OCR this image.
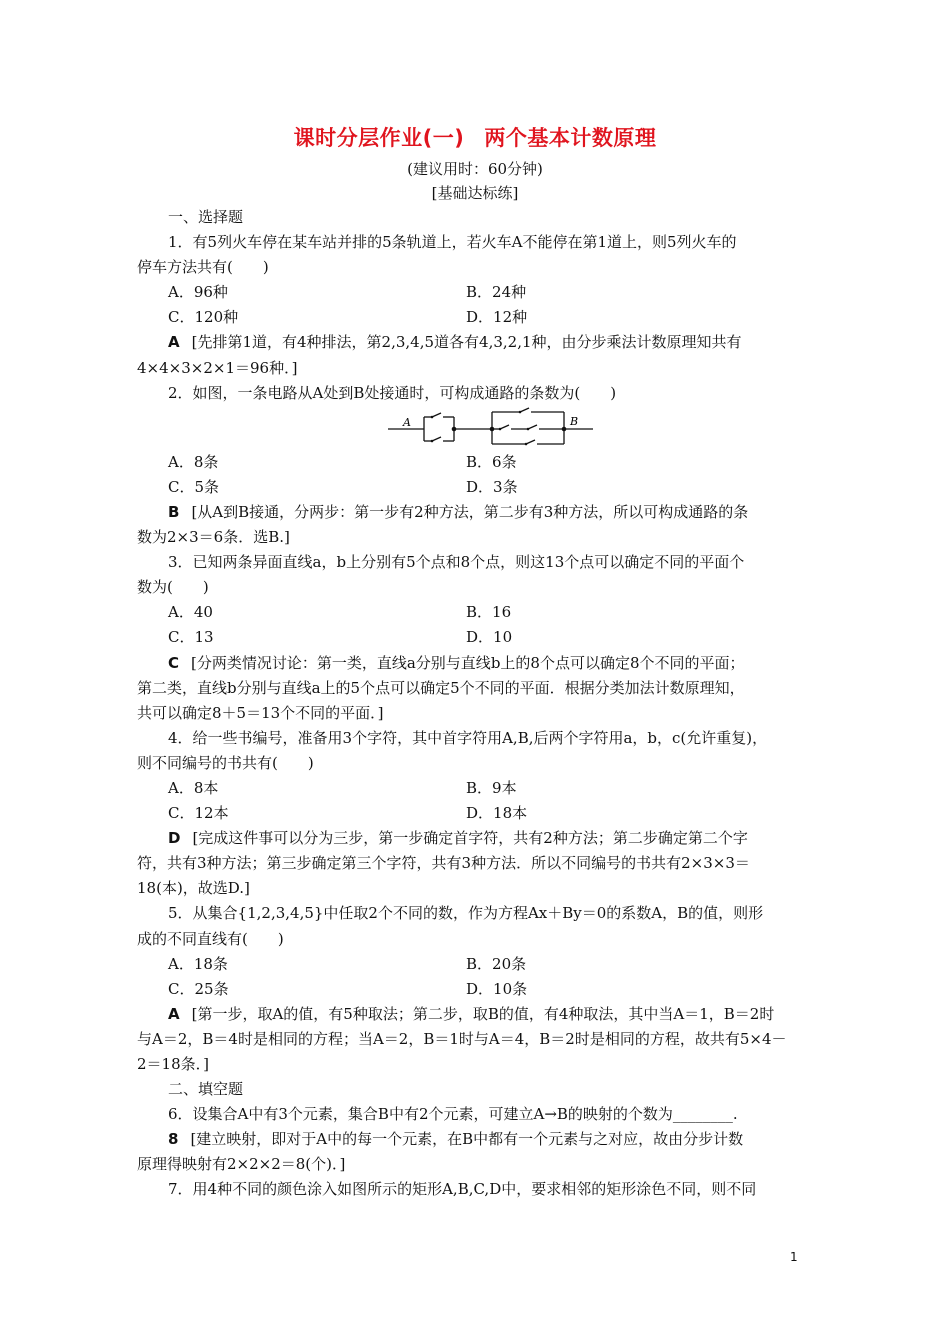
课时分层作业(一) 两个基本计数原理
(建议用时：60分钟)
[基础达标练]

一、选择题

1．有5列火车停在某车站并排的5条轨道上，若火车A不能停在第1道上，则5列火车的

停车方法共有(　　)

A．96种	B．24种
C．120种	D．12种

A [先排第1道，有4种排法，第2,3,4,5道各有4,3,2,1种，由分步乘法计数原理知共有

4×4×3×2×1＝96种．]

2．如图，一条电路从A处到B处接通时，可构成通路的条数为(　　)

A	B
A．8条	B．6条
C．5条	D．3条

B [从A到B接通，分两步：第一步有2种方法，第二步有3种方法，所以可构成通路的条

数为2×3＝6条．选B.]

3．已知两条异面直线a，b上分别有5个点和8个点，则这13个点可以确定不同的平面个

数为(　　)

A．40	B．16
C．13	D．10

C [分两类情况讨论：第一类，直线a分别与直线b上的8个点可以确定8个不同的平面；

第二类，直线b分别与直线a上的5个点可以确定5个不同的平面．根据分类加法计数原理知，

共可以确定8＋5＝13个不同的平面．]

4．给一些书编号，准备用3个字符，其中首字符用A,B,后两个字符用a，b，c(允许重复)，

则不同编号的书共有(　　)

A．8本	B．9本
C．12本	D．18本

D [完成这件事可以分为三步，第一步确定首字符，共有2种方法；第二步确定第二个字

符，共有3种方法；第三步确定第三个字符，共有3种方法．所以不同编号的书共有2×3×3＝

18(本)，故选D.]

5．从集合{1,2,3,4,5}中任取2个不同的数，作为方程Ax＋By＝0的系数A，B的值，则形

成的不同直线有(　　)

A．18条	B．20条
C．25条	D．10条

A [第一步，取A的值，有5种取法；第二步，取B的值，有4种取法，其中当A＝1，B＝2时

与A＝2，B＝4时是相同的方程；当A＝2，B＝1时与A＝4，B＝2时是相同的方程，故共有5×4－

2＝18条．]

二、填空题

6．设集合A中有3个元素，集合B中有2个元素，可建立A→B的映射的个数为________.

8 [建立映射，即对于A中的每一个元素，在B中都有一个元素与之对应，故由分步计数

原理得映射有2×2×2＝8(个)．]

7．用4种不同的颜色涂入如图所示的矩形A,B,C,D中，要求相邻的矩形涂色不同，则不同

1
